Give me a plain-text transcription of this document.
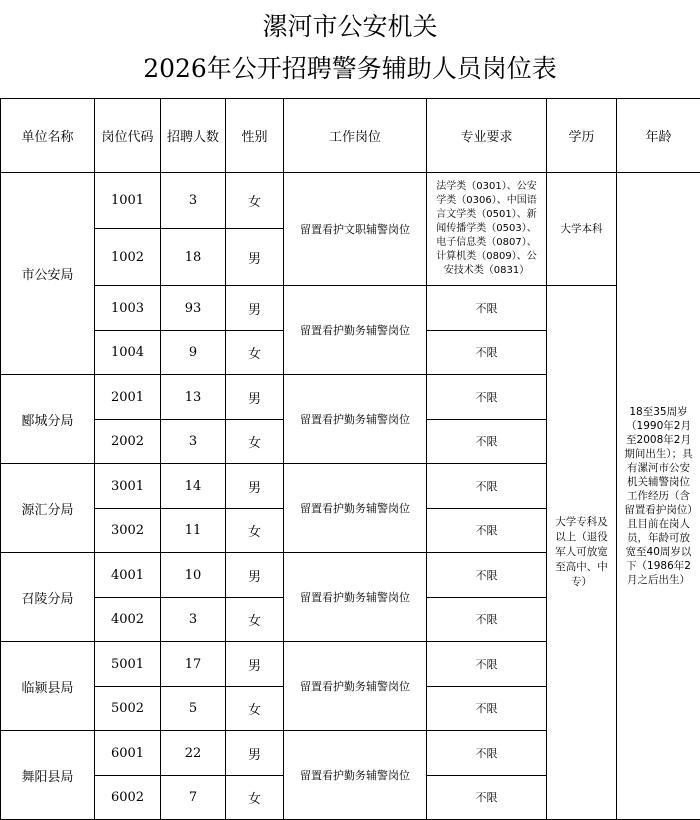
漯河市公安机关
2026年公开招聘警务辅助人员岗位表
单位名称	岗位代码	招聘人数	性别	工作岗位	专业要求	学历	年龄
市公安局	1001	3	女	留置看护文职辅警岗位	法学类（0301）、公安学类（0306）、中国语言文学类（0501）、新闻传播学类（0503）、电子信息类（0807）、计算机类（0809）、公安技术类（0831）	大学本科	18至35周岁（1990年2月至2008年2月期间出生）；具有漯河市公安机关辅警岗位工作经历（含留置看护岗位）且目前在岗人员，年龄可放宽至40周岁以下（1986年2月之后出生）
	1002	18	男				
	1003	93	男	留置看护勤务辅警岗位	不限	大学专科及以上（退役军人可放宽至高中、中专）	
	1004	9	女		不限		
郾城分局	2001	13	男	留置看护勤务辅警岗位	不限		
	2002	3	女		不限		
源汇分局	3001	14	男	留置看护勤务辅警岗位	不限		
	3002	11	女		不限		
召陵分局	4001	10	男	留置看护勤务辅警岗位	不限		
	4002	3	女		不限		
临颍县局	5001	17	男	留置看护勤务辅警岗位	不限		
	5002	5	女		不限		
舞阳县局	6001	22	男	留置看护勤务辅警岗位	不限		
	6002	7	女		不限		
